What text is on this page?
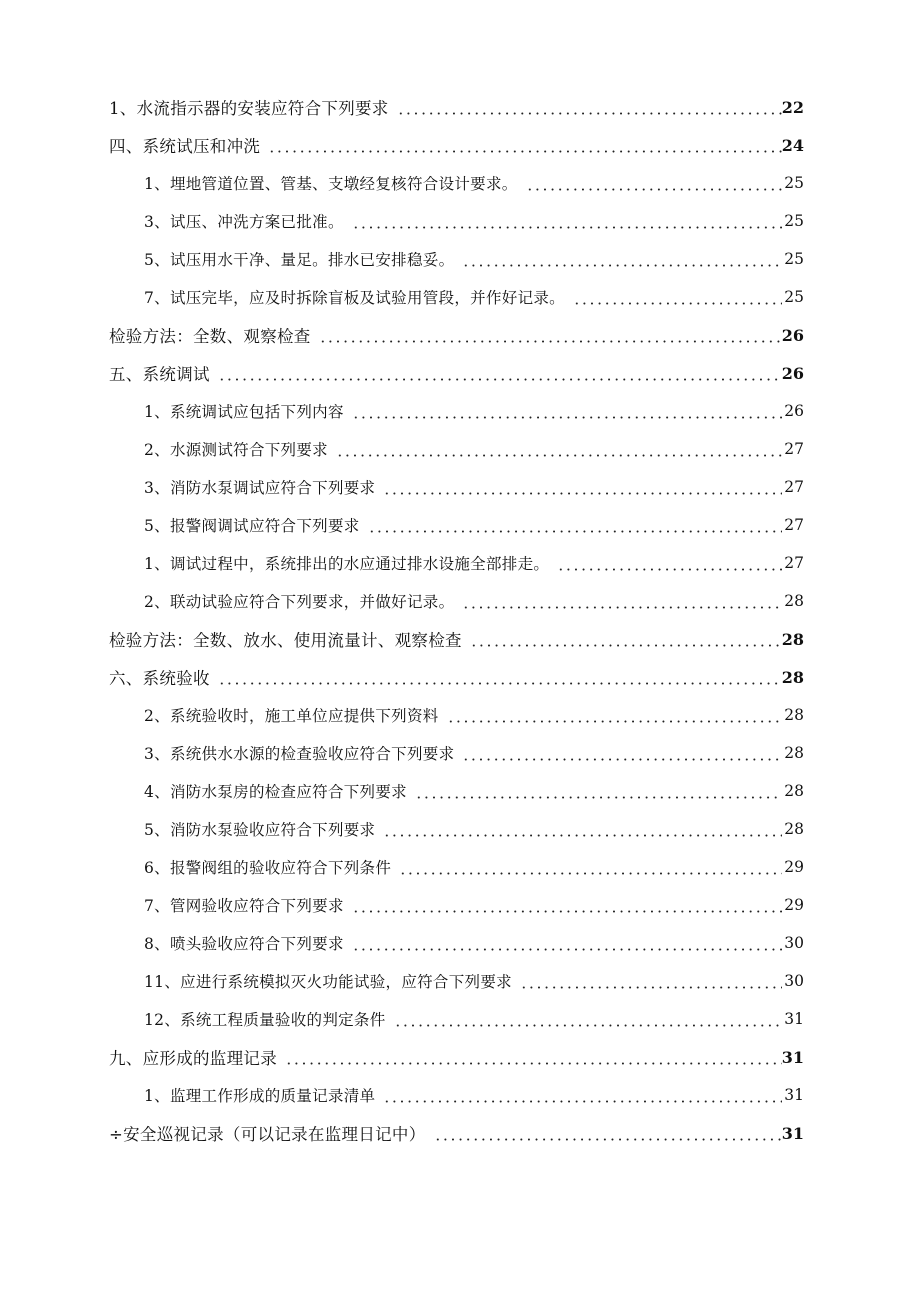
1、水流指示器的安装应符合下列要求	22
四、系统试压和冲洗	24
1、埋地管道位置、管基、支墩经复核符合设计要求。	25
3、试压、冲洗方案已批准。	25
5、试压用水干净、量足。排水已安排稳妥。	25
7、试压完毕，应及时拆除盲板及试验用管段，并作好记录。	25
检验方法：全数、观察检查	26
五、系统调试	26
1、系统调试应包括下列内容	26
2、水源测试符合下列要求	27
3、消防水泵调试应符合下列要求	27
5、报警阀调试应符合下列要求	27
1、调试过程中，系统排出的水应通过排水设施全部排走。	27
2、联动试验应符合下列要求，并做好记录。	28
检验方法：全数、放水、使用流量计、观察检查	28
六、系统验收	28
2、系统验收时，施工单位应提供下列资料	28
3、系统供水水源的检查验收应符合下列要求	28
4、消防水泵房的检查应符合下列要求	28
5、消防水泵验收应符合下列要求	28
6、报警阀组的验收应符合下列条件	29
7、管网验收应符合下列要求	29
8、喷头验收应符合下列要求	30
11、应进行系统模拟灭火功能试验，应符合下列要求	30
12、系统工程质量验收的判定条件	31
九、应形成的监理记录	31
1、监理工作形成的质量记录清单	31
÷安全巡视记录（可以记录在监理日记中）	31
